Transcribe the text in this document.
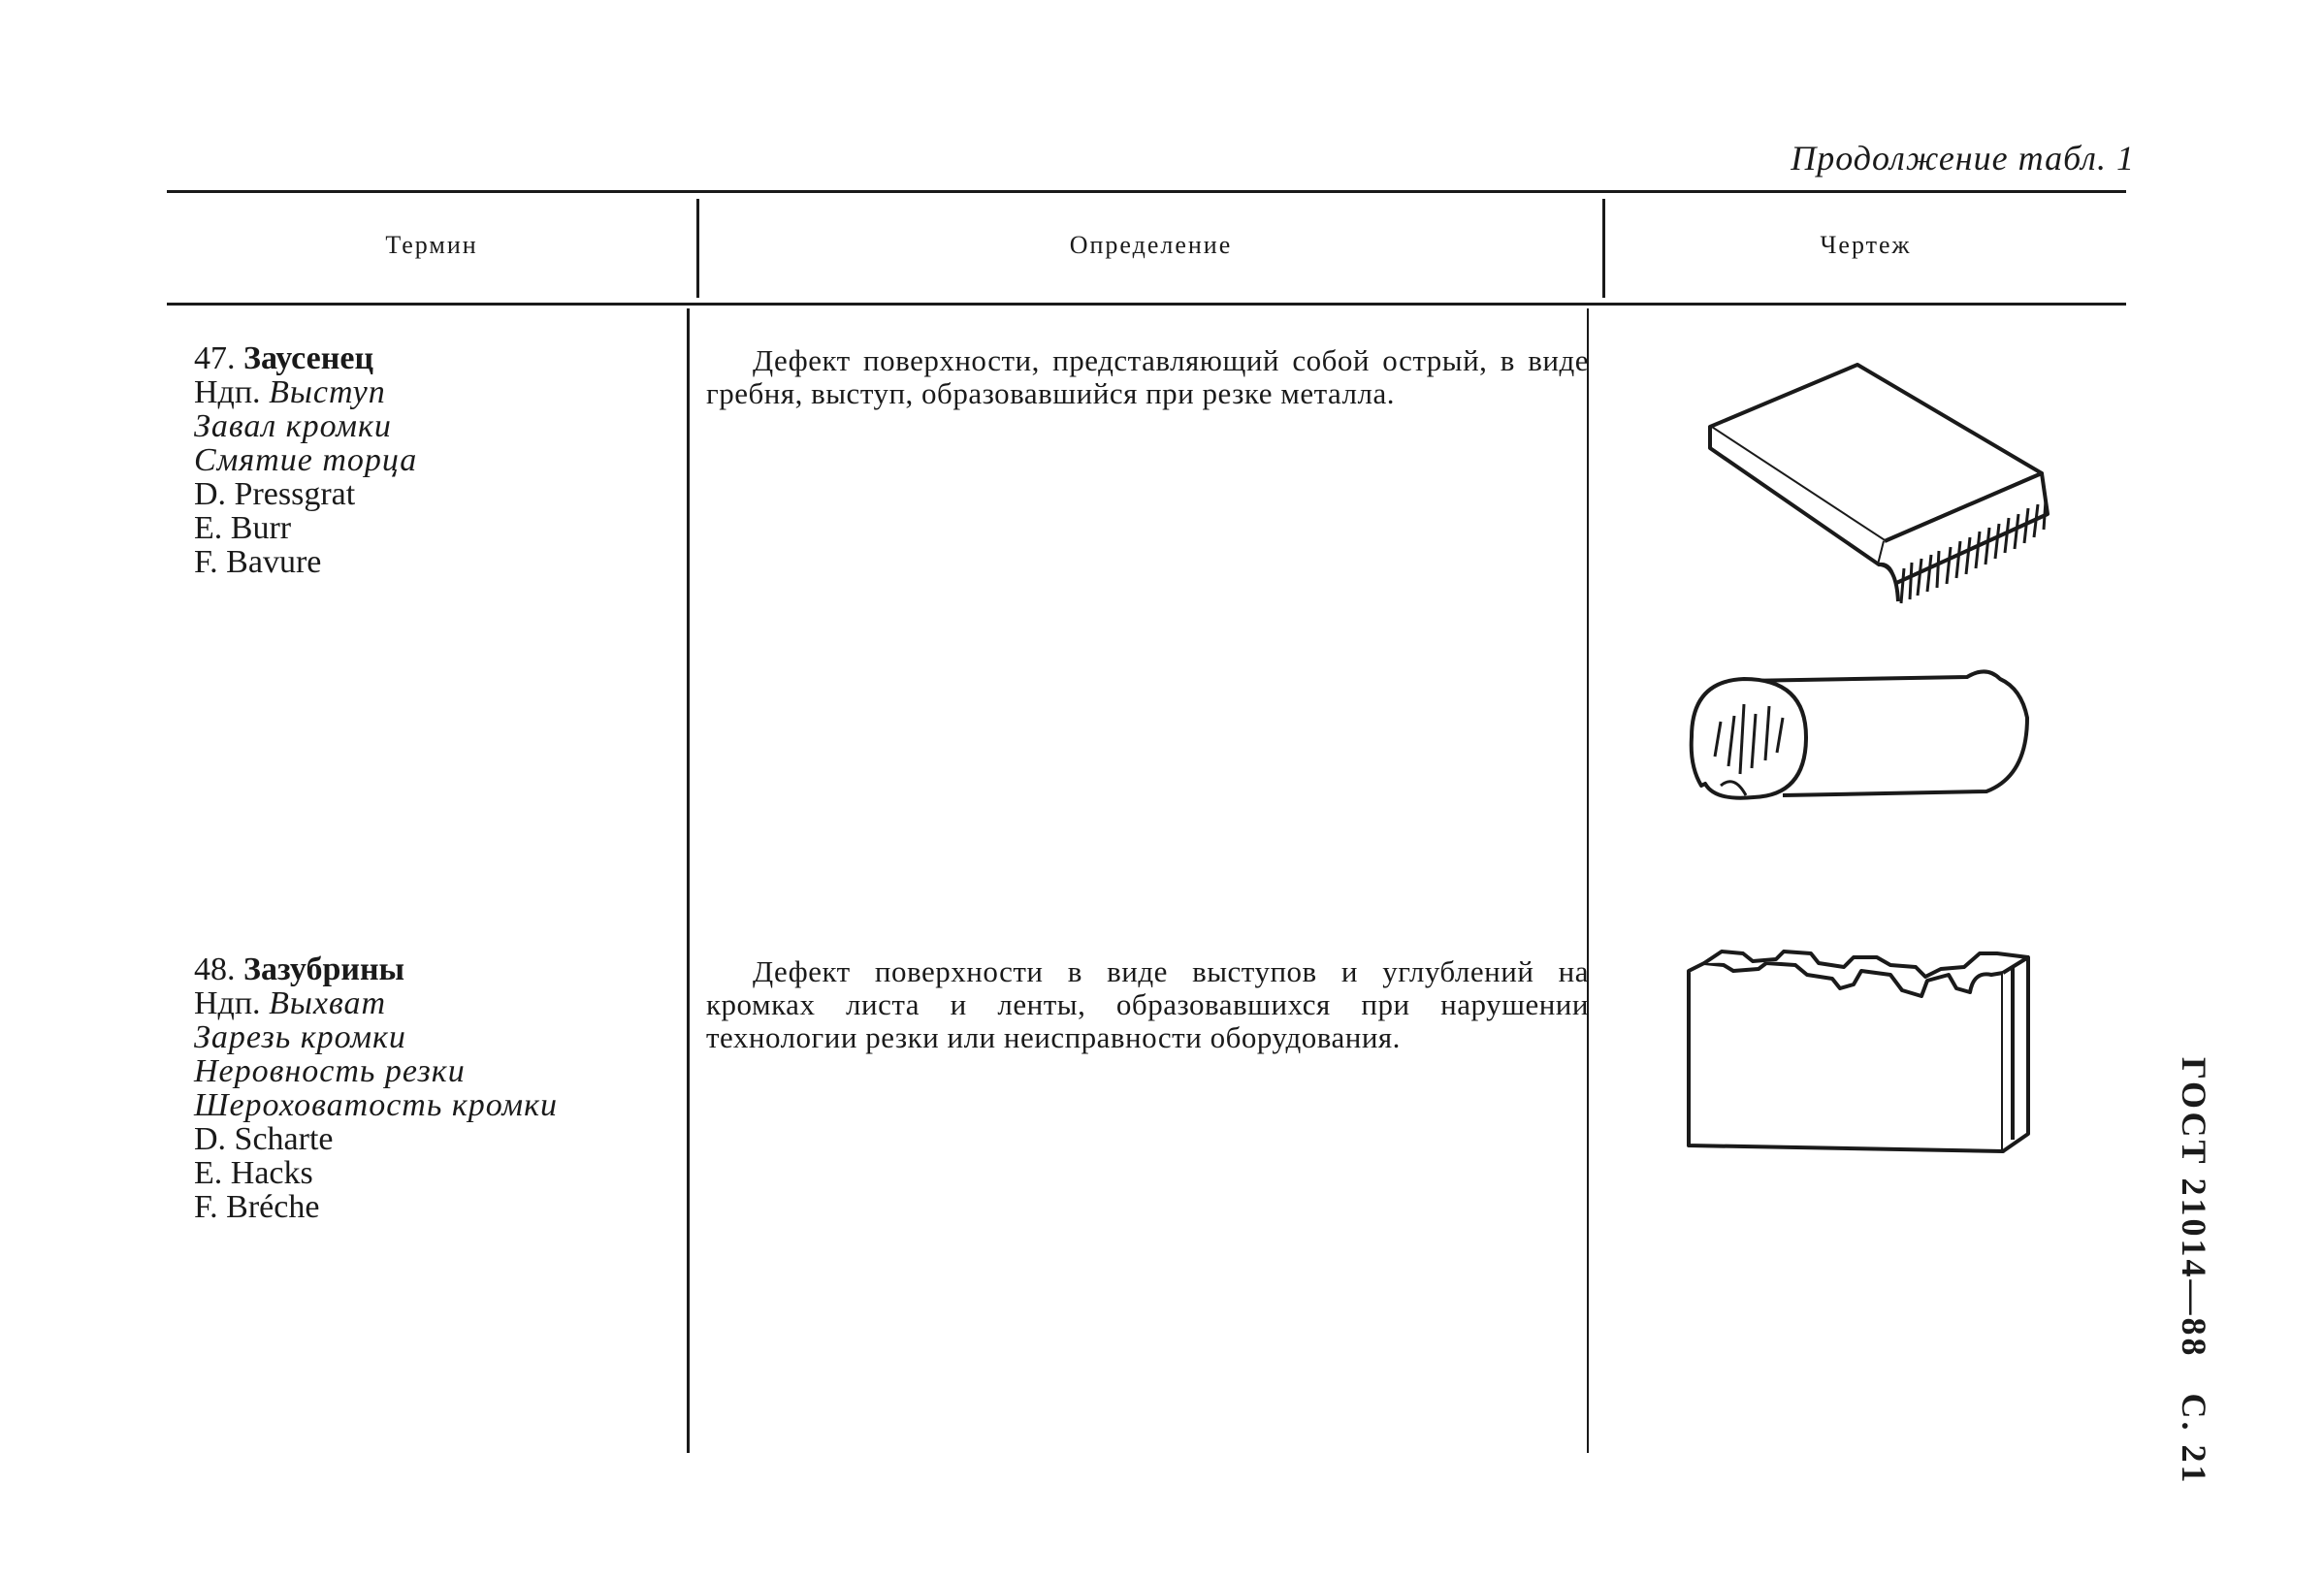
Продолжение табл. 1
Термин	Определение	Чертеж
47. Заусенец
Ндп. Выступ
Завал кромки
Смятие торца
D. Pressgrat
E. Burr
F. Bavure
Дефект поверхности, представляющий собой острый, в виде гребня, выступ, образовавшийся при резке металла.
48. Зазубрины
Ндп. Выхват
Зарезь кромки
Неровность резки
Шероховатость кромки
D. Scharte
E. Hacks
F. Bréche
Дефект поверхности в виде выступов и углублений на кромках листа и ленты, образовавшихся при нарушении технологии резки или неисправности оборудования.
ГОСТ 21014—88С. 21
